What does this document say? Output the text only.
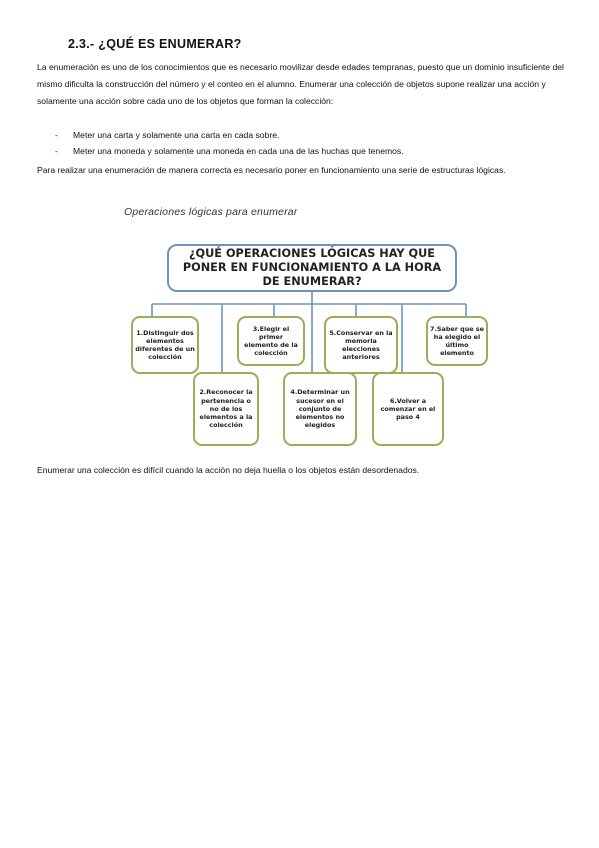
2.3.- ¿QUÉ ES ENUMERAR?

La enumeración es uno de los conocimientos que es necesario movilizar desde edades tempranas, puesto que un dominio insuficiente del mismo dificulta la construcción del número y el conteo en el alumno. Enumerar una colección de objetos supone realizar una acción y solamente una acción sobre cada uno de los objetos que forman la colección:

-	Meter una carta y solamente una carta en cada sobre.
-	Meter una moneda y solamente una moneda en cada una de las huchas que tenemos.

Para realizar una enumeración de manera correcta es necesario poner en funcionamiento una serie de estructuras lógicas.

Operaciones lógicas para enumerar
¿QUÉ OPERACIONES LÓGICAS HAY QUE PONER EN FUNCIONAMIENTO A LA HORA DE ENUMERAR?
1.Distinguir dos elementos diferentes de un colección
2.Reconocer la pertenencia o no de los elementos a la colección
3.Elegir el primer elemento de la colección
4.Determinar un sucesor en el conjunto de elementos no elegidos
5.Conservar en la memoria elecciones anteriores
6.Volver a comenzar en el paso 4
7.Saber que se ha elegido el último elemento

Enumerar una colección es difícil cuando la acción no deja huella o los objetos están desordenados.
